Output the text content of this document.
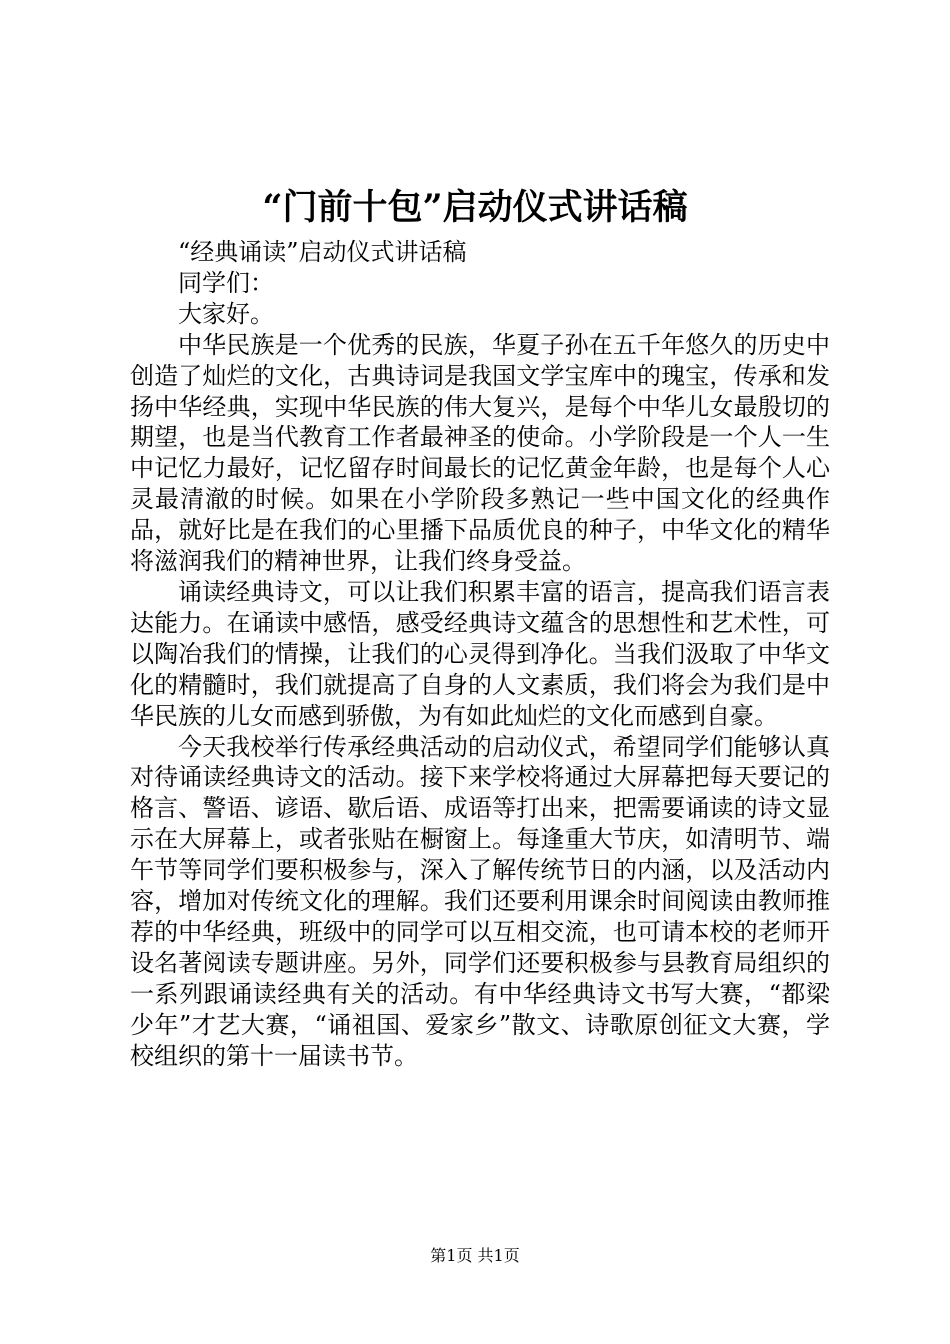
“门前十包”启动仪式讲话稿

“经典诵读”启动仪式讲话稿

同学们：

大家好。

中华民族是一个优秀的民族，华夏子孙在五千年悠久的历史中创造了灿烂的文化，古典诗词是我国文学宝库中的瑰宝，传承和发扬中华经典，实现中华民族的伟大复兴，是每个中华儿女最殷切的期望，也是当代教育工作者最神圣的使命。小学阶段是一个人一生中记忆力最好，记忆留存时间最长的记忆黄金年龄，也是每个人心灵最清澈的时候。如果在小学阶段多熟记一些中国文化的经典作品，就好比是在我们的心里播下品质优良的种子，中华文化的精华将滋润我们的精神世界，让我们终身受益。

诵读经典诗文，可以让我们积累丰富的语言，提高我们语言表达能力。在诵读中感悟，感受经典诗文蕴含的思想性和艺术性，可以陶冶我们的情操，让我们的心灵得到净化。当我们汲取了中华文化的精髓时，我们就提高了自身的人文素质，我们将会为我们是中华民族的儿女而感到骄傲，为有如此灿烂的文化而感到自豪。

今天我校举行传承经典活动的启动仪式，希望同学们能够认真对待诵读经典诗文的活动。接下来学校将通过大屏幕把每天要记的格言、警语、谚语、歇后语、成语等打出来，把需要诵读的诗文显示在大屏幕上，或者张贴在橱窗上。每逢重大节庆，如清明节、端午节等同学们要积极参与，深入了解传统节日的内涵，以及活动内容，增加对传统文化的理解。我们还要利用课余时间阅读由教师推荐的中华经典，班级中的同学可以互相交流，也可请本校的老师开设名著阅读专题讲座。另外，同学们还要积极参与县教育局组织的一系列跟诵读经典有关的活动。有中华经典诗文书写大赛，“都梁少年”才艺大赛，“诵祖国、爱家乡”散文、诗歌原创征文大赛，学校组织的第十一届读书节。

第1页 共1页
